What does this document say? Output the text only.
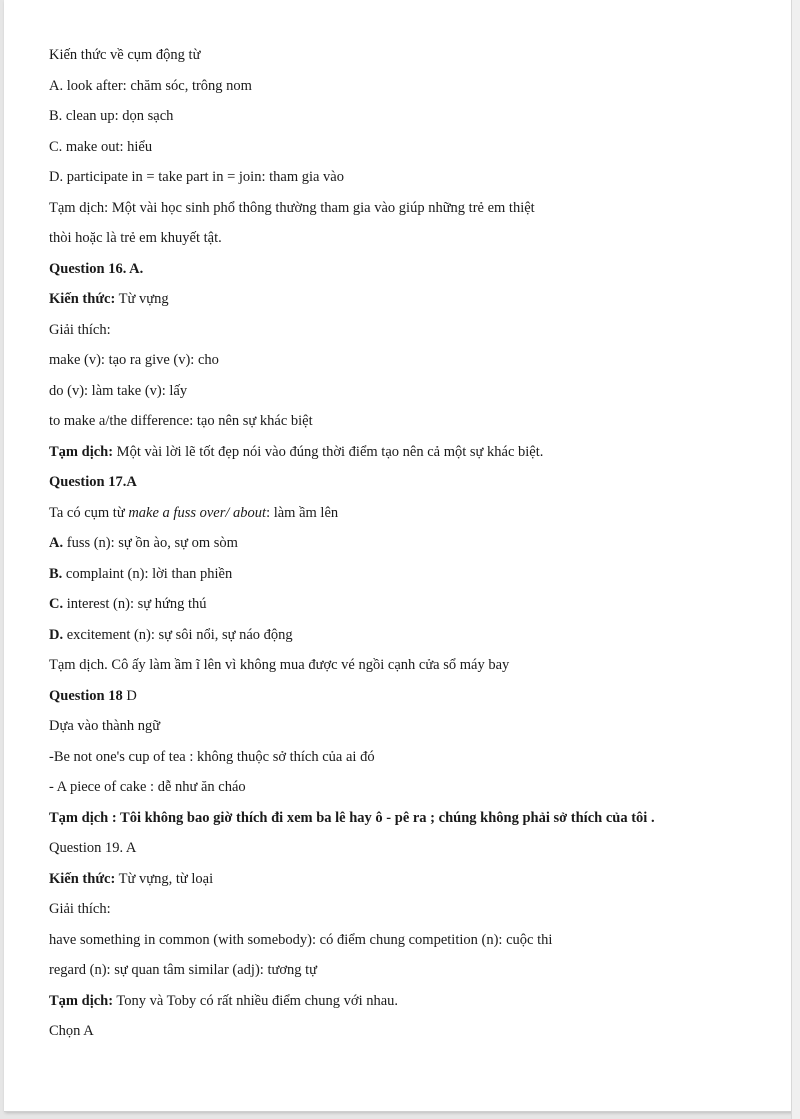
Kiến thức về cụm động từ
A. look after: chăm sóc, trông nom
B. clean up: dọn sạch
C. make out: hiểu
D. participate in = take part in = join: tham gia vào
Tạm dịch: Một vài học sinh phổ thông thường tham gia vào giúp những trẻ em thiệt
thòi hoặc là trẻ em khuyết tật.
Question 16. A.
Kiến thức: Từ vựng
Giải thích:
make (v): tạo ra give (v): cho
do (v): làm take (v): lấy
to make a/the difference: tạo nên sự khác biệt
Tạm dịch: Một vài lời lẽ tốt đẹp nói vào đúng thời điểm tạo nên cả một sự khác biệt.
Question 17.A
Ta có cụm từ make a fuss over/ about: làm ầm lên
A. fuss (n): sự ồn ào, sự om sòm
B. complaint (n): lời than phiền
C. interest (n): sự hứng thú
D. excitement (n): sự sôi nổi, sự náo động
Tạm dịch. Cô ấy làm ầm ĩ lên vì không mua được vé ngồi cạnh cửa sổ máy bay
Question 18 D
Dựa vào thành ngữ
-Be not one's cup of tea : không thuộc sở thích của ai đó
- A piece of cake : dễ như ăn cháo
Tạm dịch : Tôi không bao giờ thích đi xem ba lê hay ô - pê ra ; chúng không phải sở thích của tôi .
Question 19. A
Kiến thức: Từ vựng, từ loại
Giải thích:
have something in common (with somebody): có điểm chung competition (n): cuộc thi
regard (n): sự quan tâm similar (adj): tương tự
Tạm dịch: Tony và Toby có rất nhiều điểm chung với nhau.
Chọn A
